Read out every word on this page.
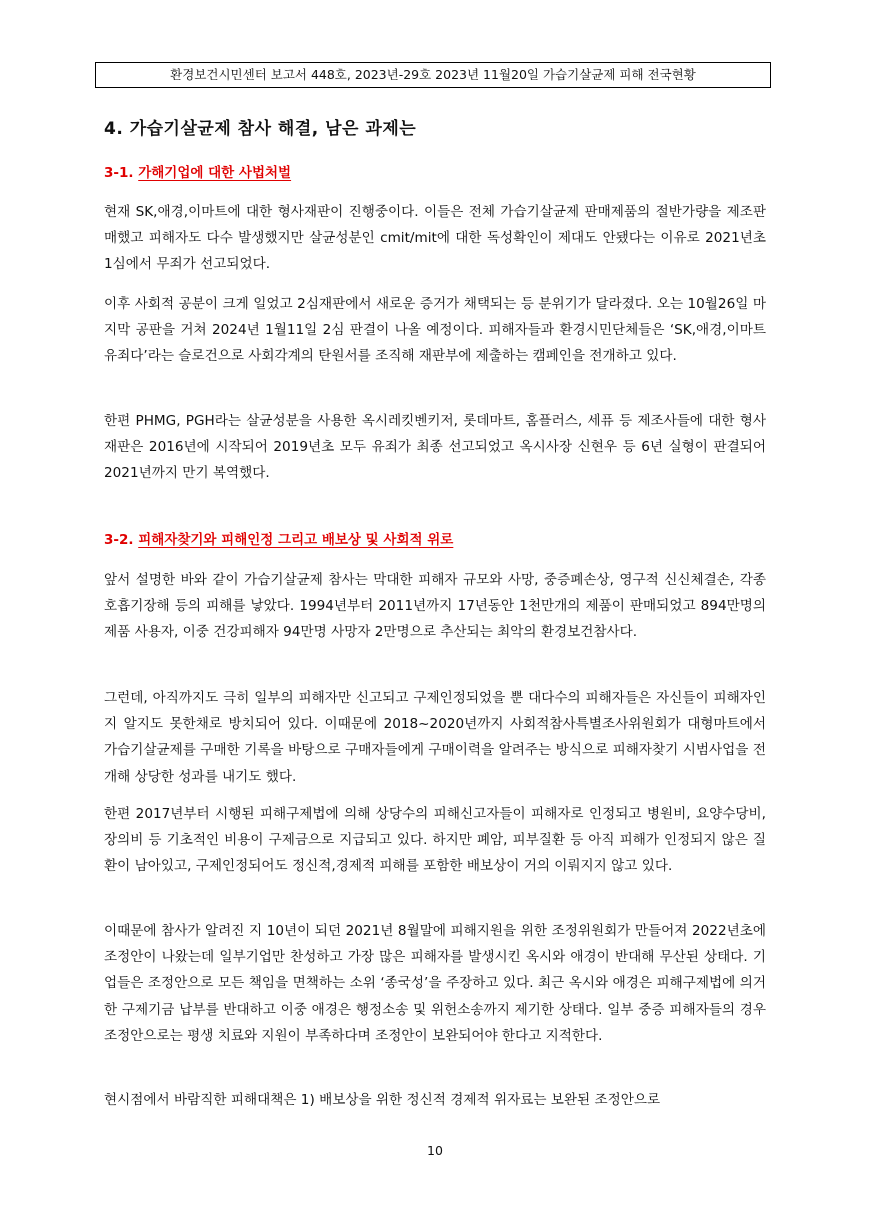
환경보건시민센터 보고서 448호, 2023년-29호 2023년 11월20일 가습기살균제 피해 전국현황
4. 가습기살균제 참사 해결, 남은 과제는
3-1. 가해기업에 대한 사법처벌
현재 SK,애경,이마트에 대한 형사재판이 진행중이다. 이들은 전체 가습기살균제 판매제품의 절반가량을 제조판매했고 피해자도 다수 발생했지만 살균성분인 cmit/mit에 대한 독성확인이 제대도 안됐다는 이유로 2021년초 1심에서 무죄가 선고되었다.
이후 사회적 공분이 크게 일었고 2심재판에서 새로운 증거가 채택되는 등 분위기가 달라졌다. 오는 10월26일 마지막 공판을 거쳐 2024년 1월11일 2심 판결이 나올 예정이다. 피해자들과 환경시민단체들은 ‘SK,애경,이마트 유죄다’라는 슬로건으로 사회각계의 탄원서를 조직해 재판부에 제출하는 캠페인을 전개하고 있다.
한편 PHMG, PGH라는 살균성분을 사용한 옥시레킷벤키저, 롯데마트, 홈플러스, 세퓨 등 제조사들에 대한 형사재판은 2016년에 시작되어 2019년초 모두 유죄가 최종 선고되었고 옥시사장 신현우 등 6년 실형이 판결되어 2021년까지 만기 복역했다.
3-2. 피해자찾기와 피해인정 그리고 배보상 및 사회적 위로
앞서 설명한 바와 같이 가습기살균제 참사는 막대한 피해자 규모와 사망, 중증폐손상, 영구적 신신체결손, 각종 호흡기장해 등의 피해를 낳았다. 1994년부터 2011년까지 17년동안 1천만개의 제품이 판매되었고 894만명의 제품 사용자, 이중 건강피해자 94만명 사망자 2만명으로 추산되는 최악의 환경보건참사다.
그런데, 아직까지도 극히 일부의 피해자만 신고되고 구제인정되었을 뿐 대다수의 피해자들은 자신들이 피해자인지 알지도 못한채로 방치되어 있다. 이때문에 2018~2020년까지 사회적참사특별조사위원회가 대형마트에서 가습기살균제를 구매한 기록을 바탕으로 구매자들에게 구매이력을 알려주는 방식으로 피해자찾기 시범사업을 전개해 상당한 성과를 내기도 했다.
한편 2017년부터 시행된 피해구제법에 의해 상당수의 피해신고자들이 피해자로 인정되고 병원비, 요양수당비, 장의비 등 기초적인 비용이 구제금으로 지급되고 있다. 하지만 폐암, 피부질환 등 아직 피해가 인정되지 않은 질환이 남아있고, 구제인정되어도 정신적,경제적 피해를 포함한 배보상이 거의 이뤄지지 않고 있다.
이때문에 참사가 알려진 지 10년이 되던 2021년 8월말에 피해지원을 위한 조정위원회가 만들어져 2022년초에 조정안이 나왔는데 일부기업만 찬성하고 가장 많은 피해자를 발생시킨 옥시와 애경이 반대해 무산된 상태다. 기업들은 조정안으로 모든 책임을 면책하는 소위 ‘종국성’을 주장하고 있다. 최근 옥시와 애경은 피해구제법에 의거한 구제기금 납부를 반대하고 이중 애경은 행정소송 및 위헌소송까지 제기한 상태다. 일부 중증 피해자들의 경우 조정안으로는 평생 치료와 지원이 부족하다며 조정안이 보완되어야 한다고 지적한다.
현시점에서 바람직한 피해대책은 1) 배보상을 위한 정신적 경제적 위자료는 보완된 조정안으로
10
